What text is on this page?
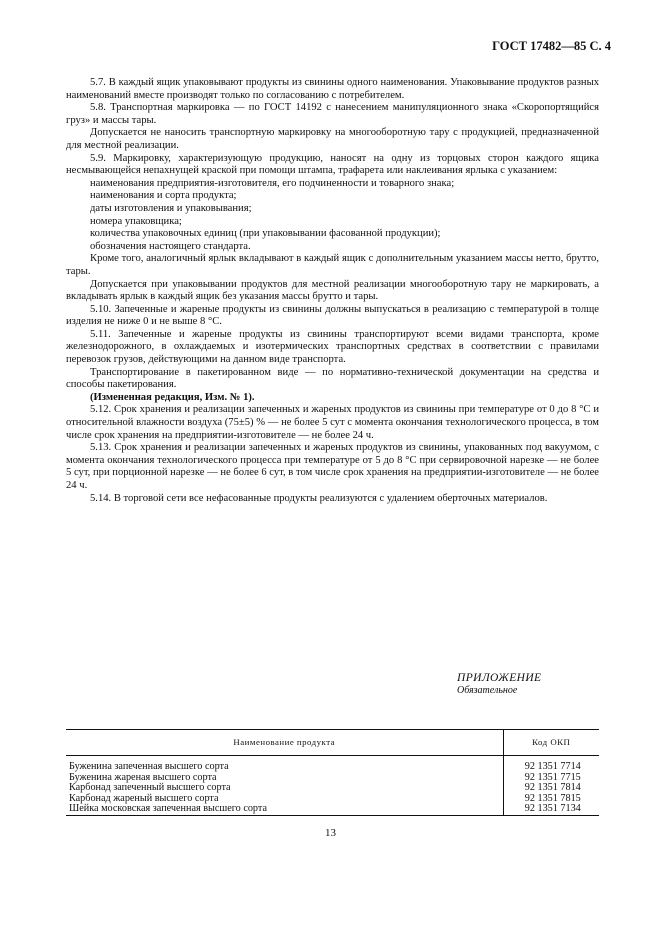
ГОСТ 17482—85 С. 4

5.7. В каждый ящик упаковывают продукты из свинины одного наименования. Упаковывание продуктов разных наименований вместе производят только по согласованию с потребителем.

5.8. Транспортная маркировка — по ГОСТ 14192 с нанесением манипуляционного знака «Скоропортящийся груз» и массы тары.

Допускается не наносить транспортную маркировку на многооборотную тару с продукцией, предназначенной для местной реализации.

5.9. Маркировку, характеризующую продукцию, наносят на одну из торцовых сторон каждого ящика несмывающейся непахнущей краской при помощи штампа, трафарета или наклеивания ярлыка с указанием:

наименования предприятия-изготовителя, его подчиненности и товарного знака;

наименования и сорта продукта;

даты изготовления и упаковывания;

номера упаковщика;

количества упаковочных единиц (при упаковывании фасованной продукции);

обозначения настоящего стандарта.

Кроме того, аналогичный ярлык вкладывают в каждый ящик с дополнительным указанием массы нетто, брутто, тары.

Допускается при упаковывании продуктов для местной реализации многооборотную тару не маркировать, а вкладывать ярлык в каждый ящик без указания массы брутто и тары.

5.10. Запеченные и жареные продукты из свинины должны выпускаться в реализацию с температурой в толще изделия не ниже 0 и не выше 8 °С.

5.11. Запеченные и жареные продукты из свинины транспортируют всеми видами транспорта, кроме железнодорожного, в охлаждаемых и изотермических транспортных средствах в соответствии с правилами перевозок грузов, действующими на данном виде транспорта.

Транспортирование в пакетированном виде — по нормативно-технической документации на средства и способы пакетирования.

(Измененная редакция, Изм. № 1).

5.12. Срок хранения и реализации запеченных и жареных продуктов из свинины при температуре от 0 до 8 °С и относительной влажности воздуха (75±5) % — не более 5 сут с момента окончания технологического процесса, в том числе срок хранения на предприятии-изготовителе — не более 24 ч.

5.13. Срок хранения и реализации запеченных и жареных продуктов из свинины, упакованных под вакуумом, с момента окончания технологического процесса при температуре от 5 до 8 °С при сервировочной нарезке — не более 5 сут, при порционной нарезке — не более 6 сут, в том числе срок хранения на предприятии-изготовителе — не более 24 ч.

5.14. В торговой сети все нефасованные продукты реализуются с удалением оберточных материалов.

ПРИЛОЖЕНИЕ
Обязательное
Наименование продукта	Код ОКП

Буженина запеченная высшего сорта	92 1351 7714
Буженина жареная высшего сорта	92 1351 7715
Карбонад запеченный высшего сорта	92 1351 7814
Карбонад жареный высшего сорта	92 1351 7815
Шейка московская запеченная высшего сорта	92 1351 7134
13
